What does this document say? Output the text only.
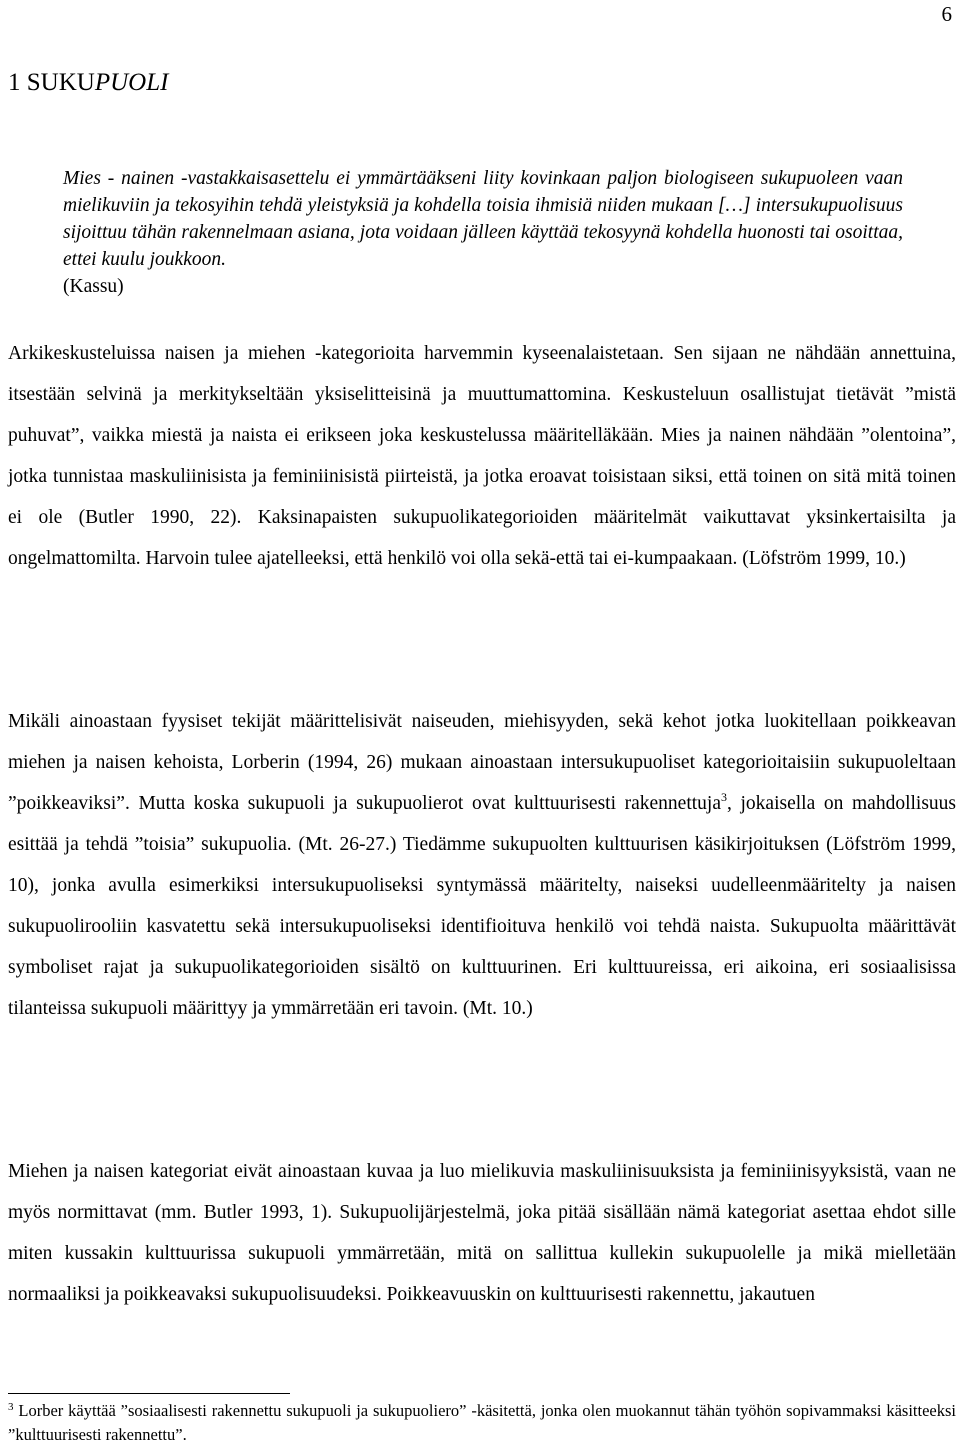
6
1 SUKUPUOLI

Mies - nainen -vastakkaisasettelu ei ymmärtääkseni liity kovinkaan paljon biologiseen sukupuoleen vaan mielikuviin ja tekosyihin tehdä yleistyksiä ja kohdella toisia ihmisiä niiden mukaan […] intersukupuolisuus sijoittuu tähän rakennelmaan asiana, jota voidaan jälleen käyttää tekosyynä kohdella huonosti tai osoittaa, ettei kuulu joukkoon.
(Kassu)

Arkikeskusteluissa naisen ja miehen -kategorioita harvemmin kyseenalaistetaan. Sen sijaan ne nähdään annettuina, itsestään selvinä ja merkitykseltään yksiselitteisinä ja muuttumattomina. Keskusteluun osallistujat tietävät ”mistä puhuvat”, vaikka miestä ja naista ei erikseen joka keskustelussa määritelläkään. Mies ja nainen nähdään ”olentoina”, jotka tunnistaa maskuliinisista ja feminiinisistä piirteistä, ja jotka eroavat toisistaan siksi, että toinen on sitä mitä toinen ei ole (Butler 1990, 22). Kaksinapaisten sukupuolikategorioiden määritelmät vaikuttavat yksinkertaisilta ja ongelmattomilta. Harvoin tulee ajatelleeksi, että henkilö voi olla sekä-että tai ei-kumpaakaan. (Löfström 1999, 10.)

Mikäli ainoastaan fyysiset tekijät määrittelisivät naiseuden, miehisyyden, sekä kehot jotka luokitellaan poikkeavan miehen ja naisen kehoista, Lorberin (1994, 26) mukaan ainoastaan intersukupuoliset kategorioitaisiin sukupuoleltaan ”poikkeaviksi”. Mutta koska sukupuoli ja sukupuolierot ovat kulttuurisesti rakennettuja$^3$, jokaisella on mahdollisuus esittää ja tehdä ”toisia” sukupuolia. (Mt. 26-27.) Tiedämme sukupuolten kulttuurisen käsikirjoituksen (Löfström 1999, 10), jonka avulla esimerkiksi intersukupuoliseksi syntymässä määritelty, naiseksi uudelleenmääritelty ja naisen sukupuolirooliin kasvatettu sekä intersukupuoliseksi identifioituva henkilö voi tehdä naista. Sukupuolta määrittävät symboliset rajat ja sukupuolikategorioiden sisältö on kulttuurinen. Eri kulttuureissa, eri aikoina, eri sosiaalisissa tilanteissa sukupuoli määrittyy ja ymmärretään eri tavoin. (Mt. 10.)

Miehen ja naisen kategoriat eivät ainoastaan kuvaa ja luo mielikuvia maskuliinisuuksista ja feminiinisyyksistä, vaan ne myös normittavat (mm. Butler 1993, 1). Sukupuolijärjestelmä, joka pitää sisällään nämä kategoriat asettaa ehdot sille miten kussakin kulttuurissa sukupuoli ymmärretään, mitä on sallittua kullekin sukupuolelle ja mikä mielletään normaaliksi ja poikkeavaksi sukupuolisuudeksi. Poikkeavuuskin on kulttuurisesti rakennettu, jakautuen

$^3$ Lorber käyttää ”sosiaalisesti rakennettu sukupuoli ja sukupuoliero” -käsitettä, jonka olen muokannut tähän työhön sopivammaksi käsitteeksi ”kulttuurisesti rakennettu”.
